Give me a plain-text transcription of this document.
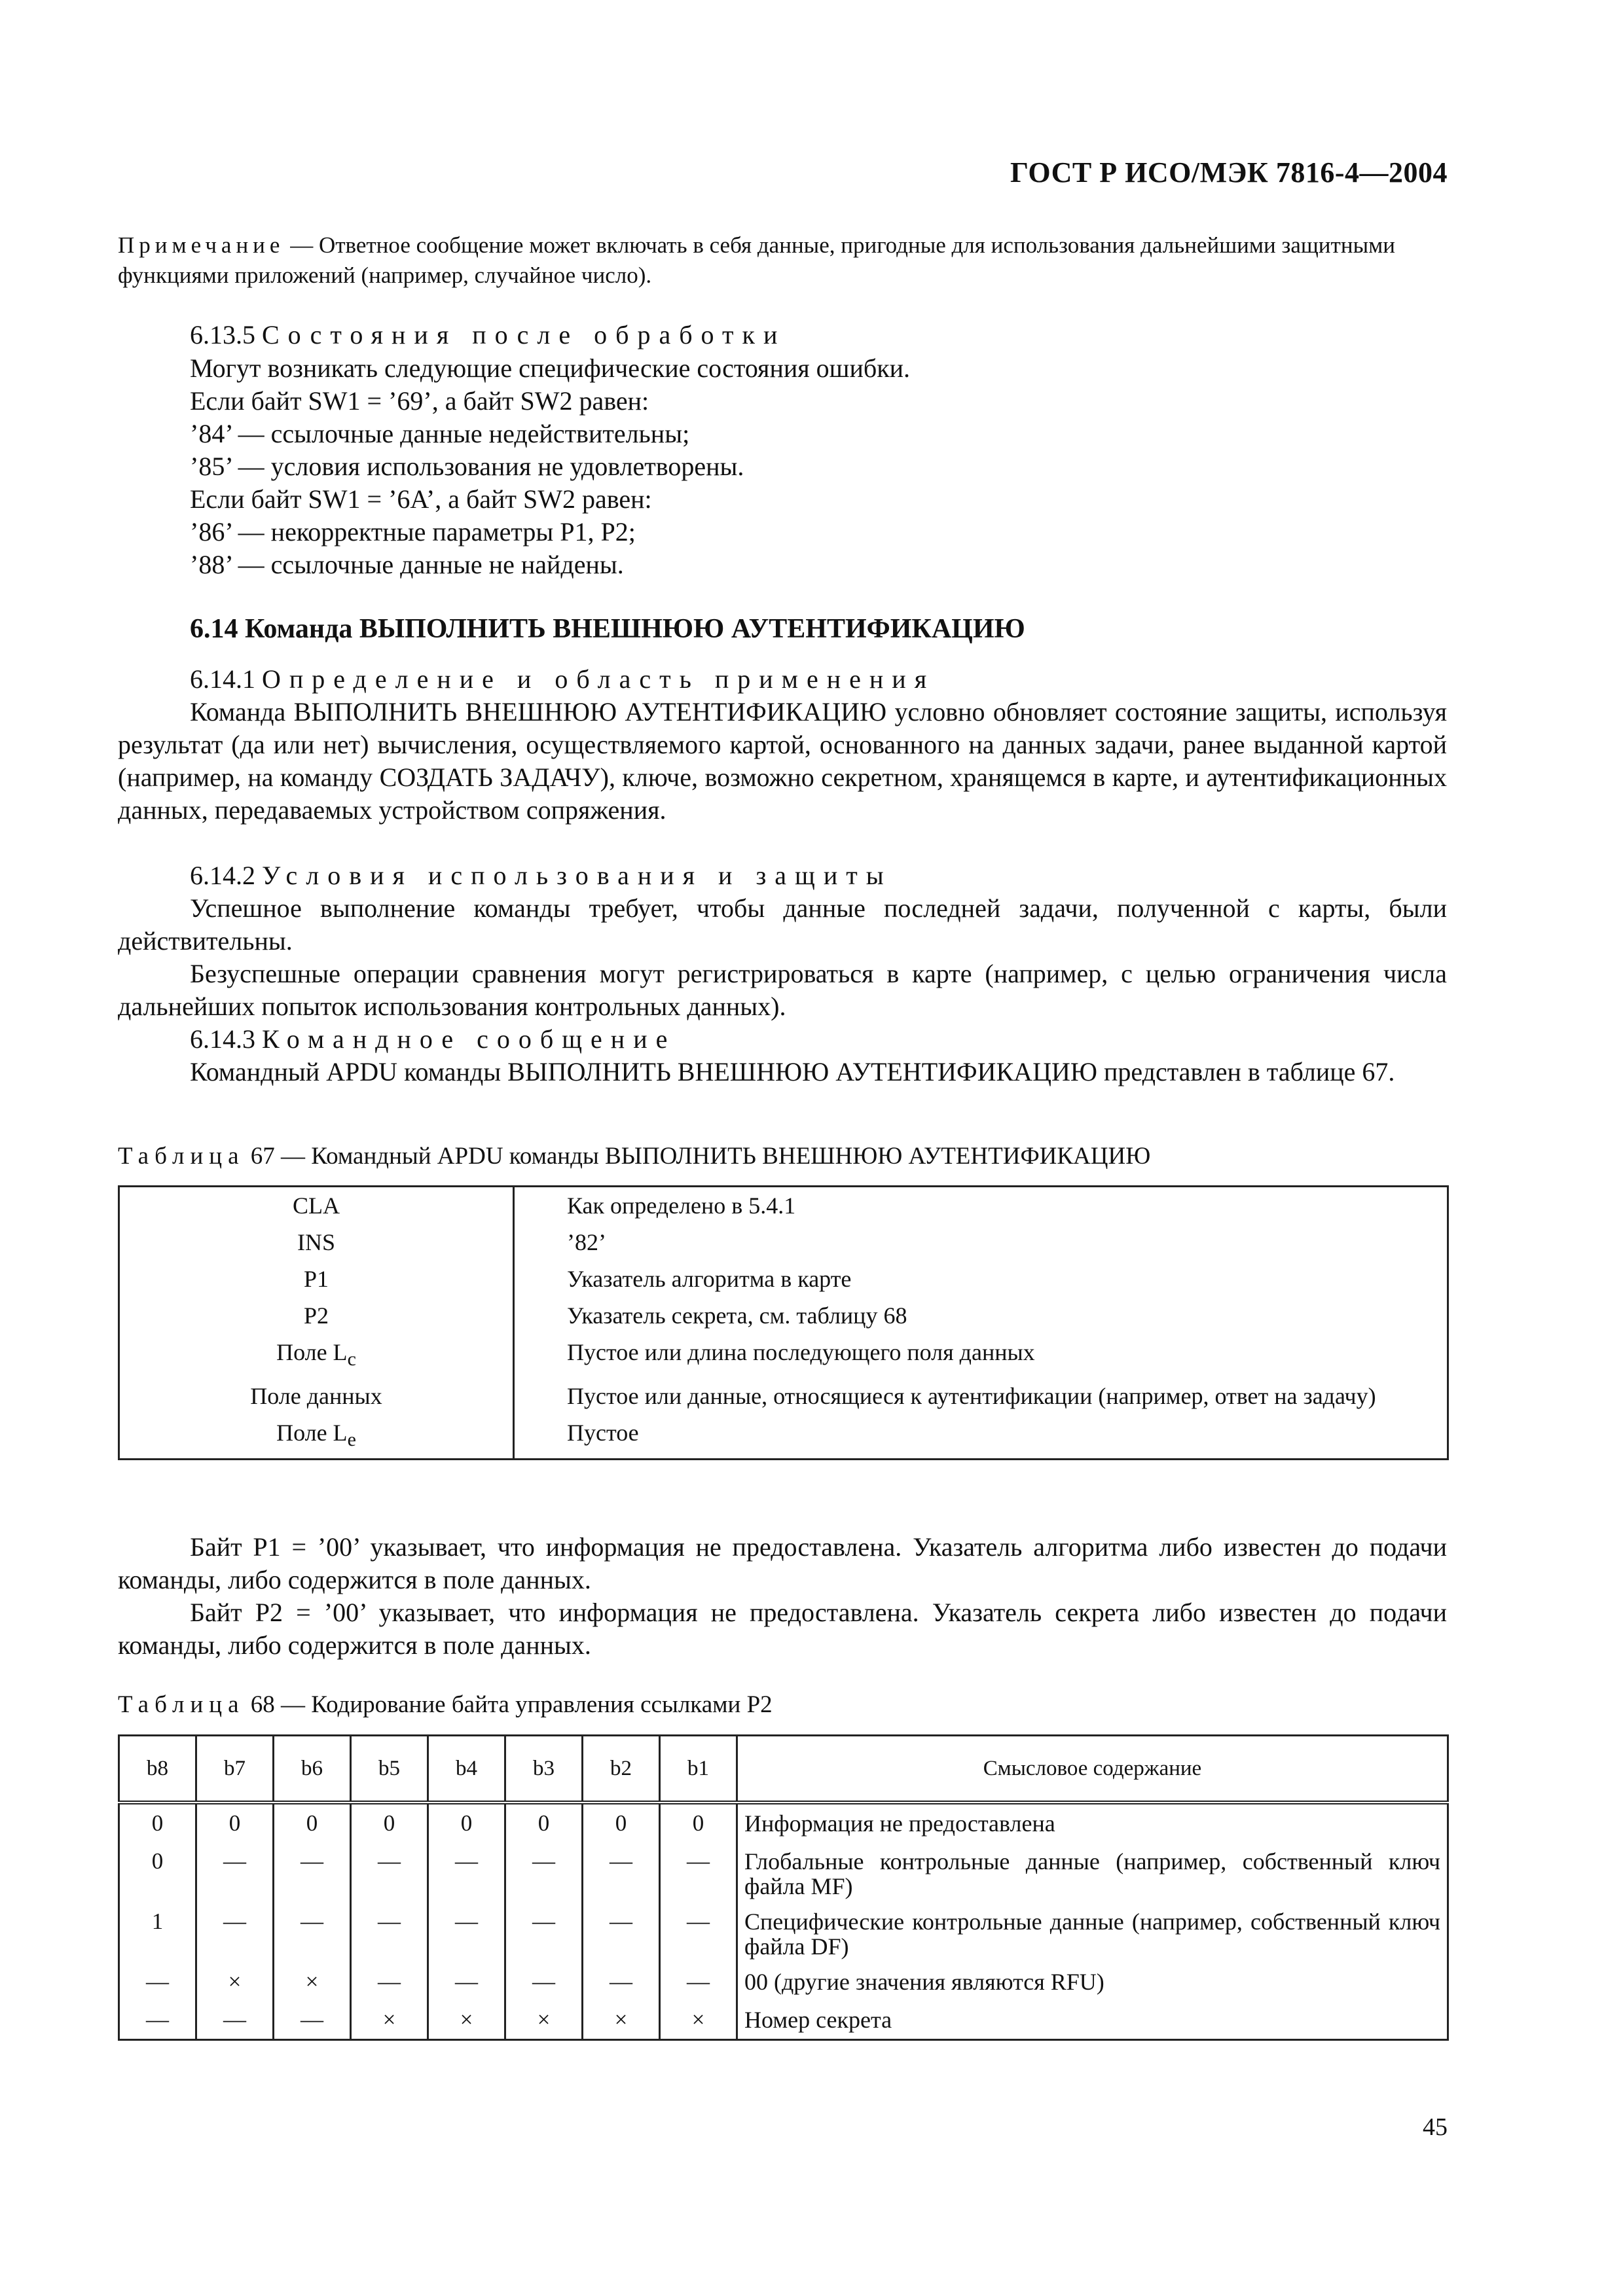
ГОСТ Р ИСО/МЭК 7816-4—2004
Примечание — Ответное сообщение может включать в себя данные, пригодные для использования дальнейшими защитными функциями приложений (например, случайное число).
6.13.5 Состояния после обработки
Могут возникать следующие специфические состояния ошибки.
Если байт SW1 = ’69’, а байт SW2 равен:
’84’ — ссылочные данные недействительны;
’85’ — условия использования не удовлетворены.
Если байт SW1 = ’6A’, а байт SW2 равен:
’86’ — некорректные параметры P1, P2;
’88’ — ссылочные данные не найдены.
6.14 Команда ВЫПОЛНИТЬ ВНЕШНЮЮ АУТЕНТИФИКАЦИЮ
6.14.1 Определение и область применения
Команда ВЫПОЛНИТЬ ВНЕШНЮЮ АУТЕНТИФИКАЦИЮ условно обновляет состояние защиты, используя результат (да или нет) вычисления, осуществляемого картой, основанного на данных задачи, ранее выданной картой (например, на команду СОЗДАТЬ ЗАДАЧУ), ключе, возможно секретном, хранящемся в карте, и аутентификационных данных, передаваемых устройством сопряжения.
6.14.2 Условия использования и защиты
Успешное выполнение команды требует, чтобы данные последней задачи, полученной с карты, были действительны.
Безуспешные операции сравнения могут регистрироваться в карте (например, с целью ограничения числа дальнейших попыток использования контрольных данных).
6.14.3 Командное сообщение
Командный APDU команды ВЫПОЛНИТЬ ВНЕШНЮЮ АУТЕНТИФИКАЦИЮ представлен в таблице 67.
Таблица 67 — Командный APDU команды ВЫПОЛНИТЬ ВНЕШНЮЮ АУТЕНТИФИКАЦИЮ
CLA	Как определено в 5.4.1
INS	’82’
P1	Указатель алгоритма в карте
P2	Указатель секрета, см. таблицу 68
Поле $L_c$	Пустое или длина последующего поля данных
Поле данных	Пустое или данные, относящиеся к аутентификации (например, ответ на задачу)
Поле $L_e$	Пустое
Байт P1 = ’00’ указывает, что информация не предоставлена. Указатель алгоритма либо известен до подачи команды, либо содержится в поле данных.
Байт P2 = ’00’ указывает, что информация не предоставлена. Указатель секрета либо известен до подачи команды, либо содержится в поле данных.
Таблица 68 — Кодирование байта управления ссылками P2
b8	b7	b6	b5	b4	b3	b2	b1	Смысловое содержание
0	0	0	0	0	0	0	0	Информация не предоставлена
0	—	—	—	—	—	—	—	Глобальные контрольные данные (например, собственный ключ файла MF)
1	—	—	—	—	—	—	—	Специфические контрольные данные (например, собственный ключ файла DF)
—	×	×	—	—	—	—	—	00 (другие значения являются RFU)
—	—	—	×	×	×	×	×	Номер секрета
45
